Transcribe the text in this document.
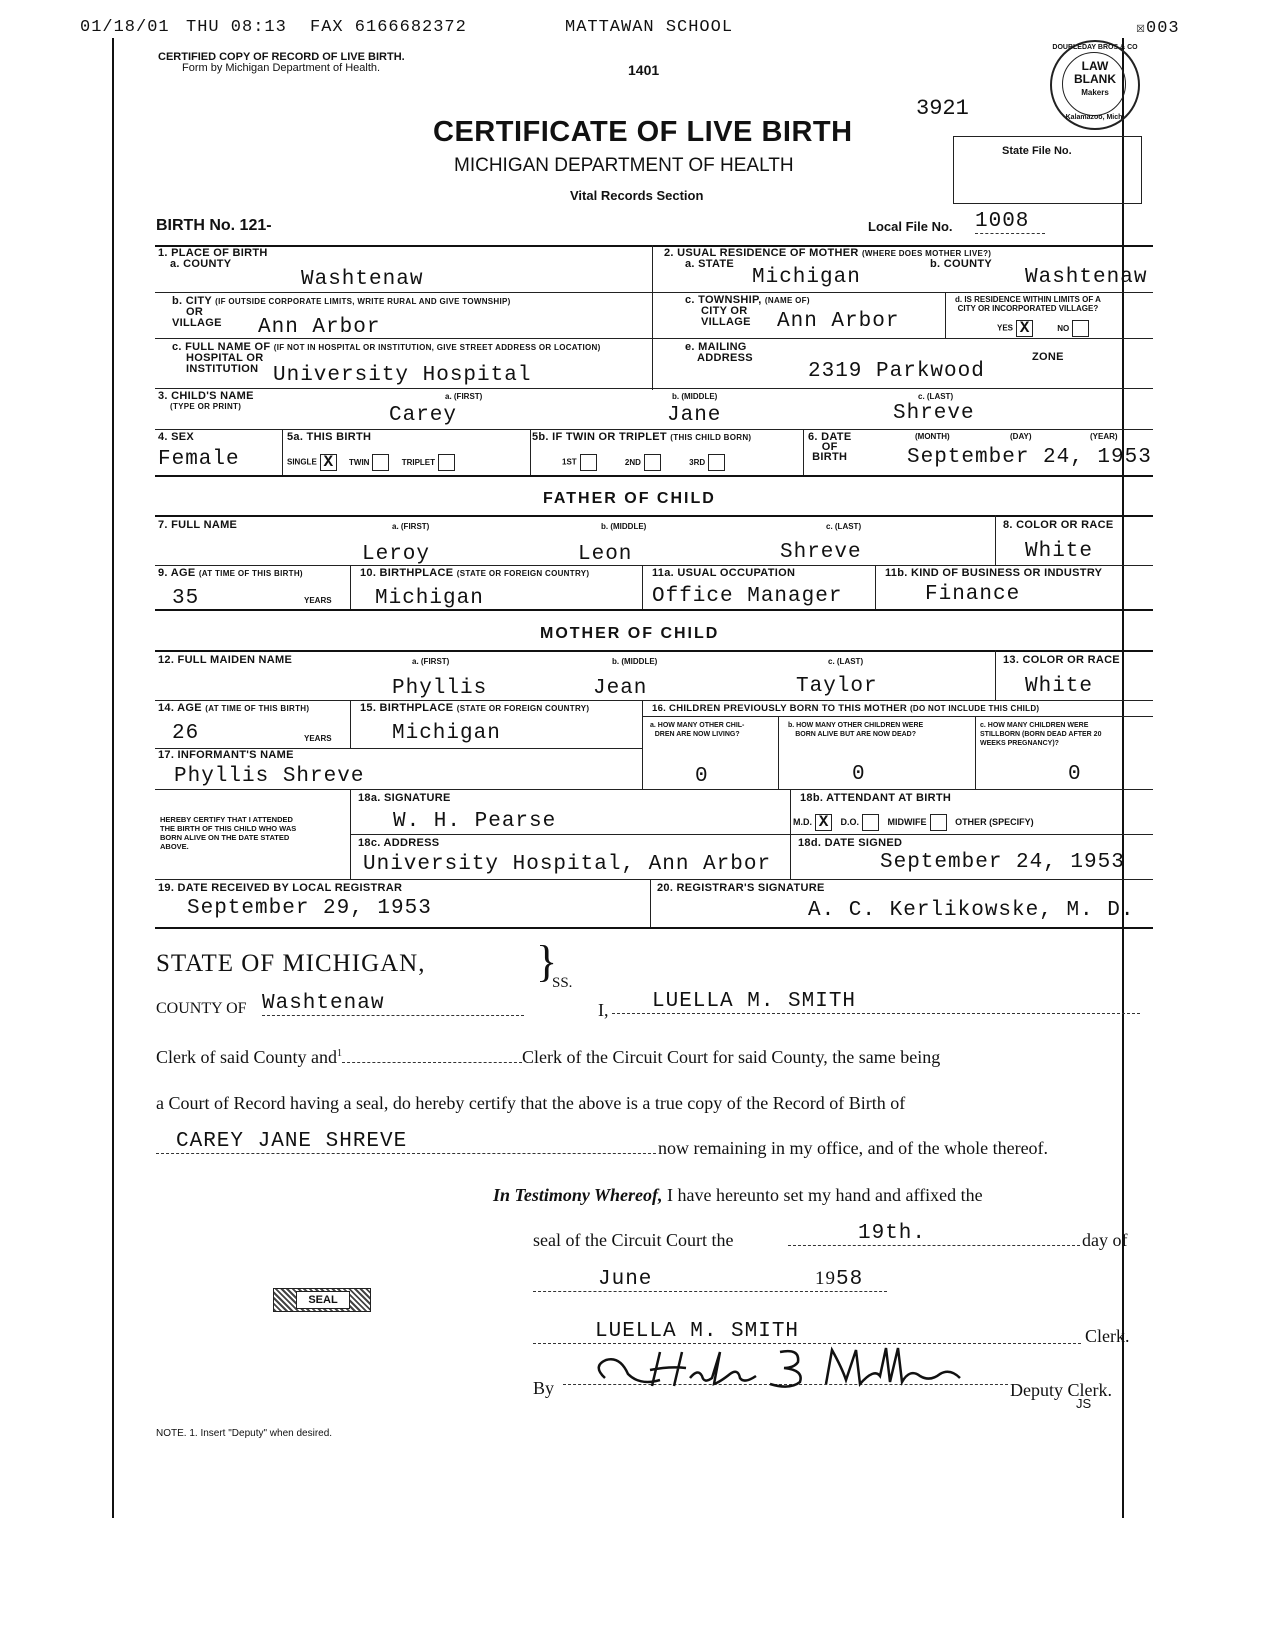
01/18/01 THU 08:13 FAX 6166682372	MATTAWAN SCHOOL	☒003
CERTIFIED COPY OF RECORD OF LIVE BIRTH.
Form by Michigan Department of Health.	1401
DOUBLEDAY BROS & CO
LAW
BLANK
Makers
Kalamazoo, Mich.
3921
CERTIFICATE OF LIVE BIRTH
MICHIGAN DEPARTMENT OF HEALTH
Vital Records Section
State File No.
BIRTH No. 121-	Local File No. 1008
1. PLACE OF BIRTH
a. COUNTY
Washtenaw
2. USUAL RESIDENCE OF MOTHER (WHERE DOES MOTHER LIVE?)
a. STATE
Michigan
b. COUNTY
Washtenaw
b. CITY (IF OUTSIDE CORPORATE LIMITS, WRITE RURAL AND GIVE TOWNSHIP)
OR
VILLAGE	Ann Arbor
c. TOWNSHIP, (NAME OF)
CITY OR
VILLAGE	Ann Arbor
d. IS RESIDENCE WITHIN LIMITS OF A
CITY OR INCORPORATED VILLAGE?
YES X	NO
c. FULL NAME OF (IF NOT IN HOSPITAL OR INSTITUTION, GIVE STREET ADDRESS OR LOCATION)
HOSPITAL OR
INSTITUTION University Hospital
e. MAILING
ADDRESS
2319 Parkwood
ZONE
3. CHILD'S NAME
(TYPE OR PRINT)
a. (FIRST)	b. (MIDDLE)	c. (LAST)
Carey	Jane	Shreve
4. SEX
Female
5a. THIS BIRTH
SINGLE X TWIN	TRIPLET
5b. IF TWIN OR TRIPLET (THIS CHILD BORN)
1ST	2ND	3RD
6. DATE
OF
BIRTH
(MONTH)	(DAY)	(YEAR)
September 24, 1953
FATHER OF CHILD
7. FULL NAME	a. (FIRST)	b. (MIDDLE)	c. (LAST)	8. COLOR OR RACE
Leroy	Leon	Shreve	White
9. AGE (AT TIME OF THIS BIRTH)
35	YEARS
10. BIRTHPLACE (STATE OR FOREIGN COUNTRY)
Michigan
11a. USUAL OCCUPATION
Office Manager
11b. KIND OF BUSINESS OR INDUSTRY
Finance
MOTHER OF CHILD
12. FULL MAIDEN NAME	a. (FIRST)	b. (MIDDLE)	c. (LAST)	13. COLOR OR RACE
Phyllis	Jean	Taylor	White
14. AGE (AT TIME OF THIS BIRTH)
26	YEARS
15. BIRTHPLACE (STATE OR FOREIGN COUNTRY)
Michigan
16. CHILDREN PREVIOUSLY BORN TO THIS MOTHER (DO NOT INCLUDE THIS CHILD)
a. HOW MANY OTHER CHIL-
DREN ARE NOW LIVING?
b. HOW MANY OTHER CHILDREN WERE
BORN ALIVE BUT ARE NOW DEAD?
c. HOW MANY CHILDREN WERE
STILLBORN (BORN DEAD AFTER 20
WEEKS PREGNANCY)?
0	0	0
17. INFORMANT'S NAME
Phyllis Shreve
HEREBY CERTIFY THAT I ATTENDED
THE BIRTH OF THIS CHILD WHO WAS
BORN ALIVE ON THE DATE STATED
ABOVE.
18a. SIGNATURE
W. H. Pearse
18b. ATTENDANT AT BIRTH
M.D. X D.O.	MIDWIFE	OTHER (SPECIFY)
18c. ADDRESS
University Hospital, Ann Arbor
18d. DATE SIGNED
September 24, 1953
19. DATE RECEIVED BY LOCAL REGISTRAR
September 29, 1953
20. REGISTRAR'S SIGNATURE
A. C. Kerlikowske, M. D.
STATE OF MICHIGAN,	}
SS.
COUNTY OF Washtenaw	I,	LUELLA M. SMITH
Clerk of said County and$^1$	Clerk of the Circuit Court for said County, the same being
a Court of Record having a seal, do hereby certify that the above is a true copy of the Record of Birth of
CAREY JANE SHREVE	now remaining in my office, and of the whole thereof.
In Testimony Whereof, I have hereunto set my hand and affixed the
seal of the Circuit Court the	19th.	day of
June	1958
SEAL
LUELLA M. SMITH	Clerk.
By	Deputy Clerk.
JS
NOTE. 1. Insert "Deputy" when desired.
